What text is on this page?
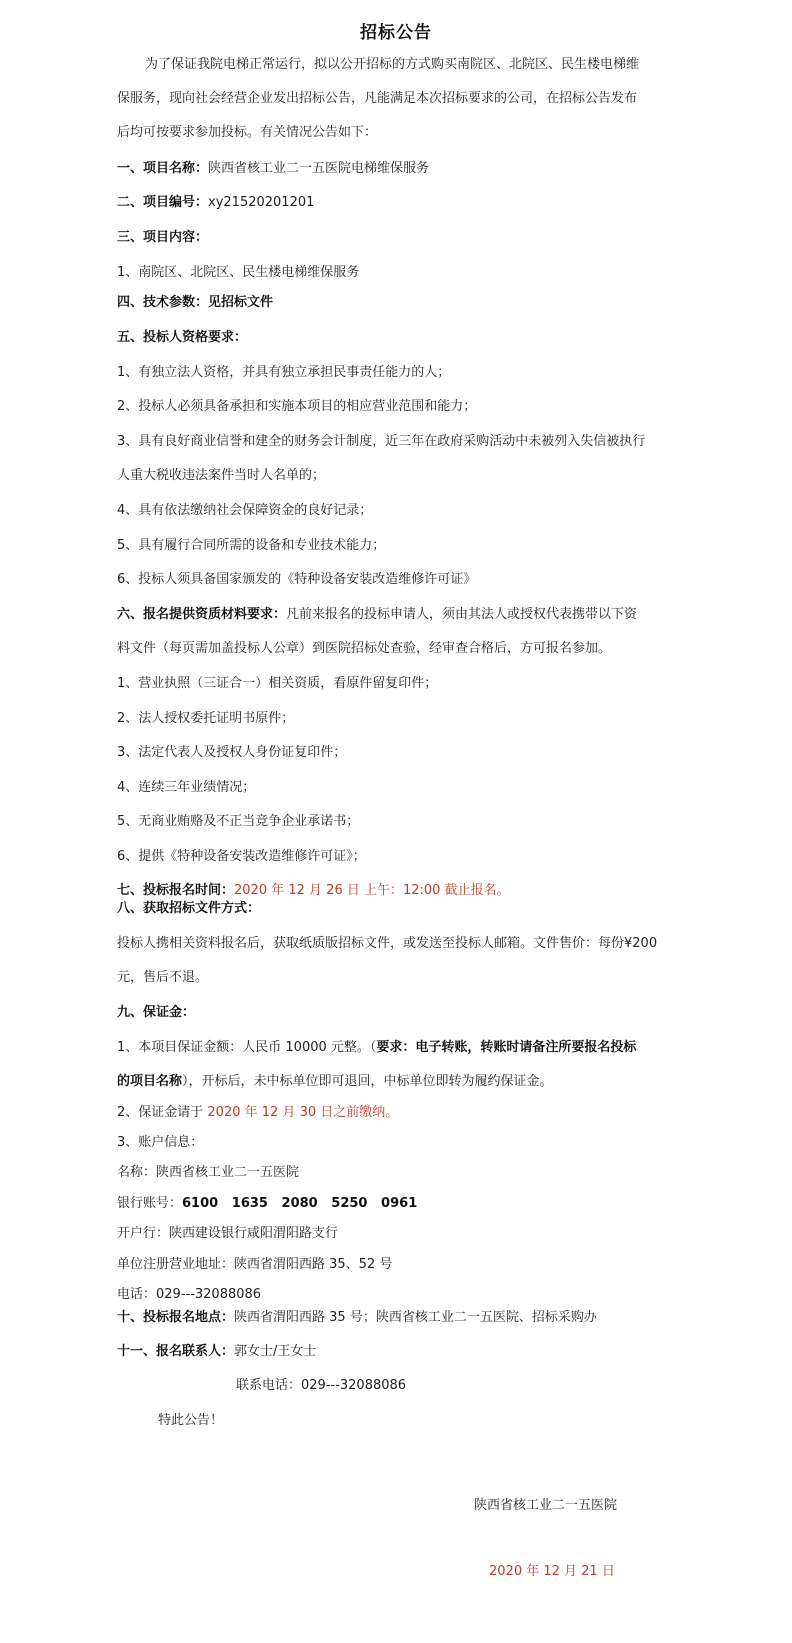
招标公告
为了保证我院电梯正常运行，拟以公开招标的方式购买南院区、北院区、民生楼电梯维
保服务，现向社会经营企业发出招标公告，凡能满足本次招标要求的公司，在招标公告发布
后均可按要求参加投标。有关情况公告如下：
一、项目名称：陕西省核工业二一五医院电梯维保服务
二、项目编号：xy21520201201
三、项目内容：
1、南院区、北院区、民生楼电梯维保服务
四、技术参数：见招标文件
五、投标人资格要求：
1、有独立法人资格，并具有独立承担民事责任能力的人；
2、投标人必须具备承担和实施本项目的相应营业范围和能力；
3、具有良好商业信誉和建全的财务会计制度，近三年在政府采购活动中未被列入失信被执行
人重大税收违法案件当时人名单的；
4、具有依法缴纳社会保障资金的良好记录；
5、具有履行合同所需的设备和专业技术能力；
6、投标人须具备国家颁发的《特种设备安装改造维修许可证》
六、报名提供资质材料要求：凡前来报名的投标申请人，须由其法人或授权代表携带以下资
料文件（每页需加盖投标人公章）到医院招标处查验，经审查合格后，方可报名参加。
1、营业执照（三证合一）相关资质，看原件留复印件；
2、法人授权委托证明书原件；
3、法定代表人及授权人身份证复印件；
4、连续三年业绩情况；
5、无商业贿赂及不正当竞争企业承诺书；
6、提供《特种设备安装改造维修许可证》；
七、投标报名时间：2020 年 12 月 26 日 上午：12:00 截止报名。
八、获取招标文件方式：
投标人携相关资料报名后，获取纸质版招标文件，或发送至投标人邮箱。文件售价：每份¥200
元，售后不退。
九、保证金：
1、本项目保证金额：人民币 10000 元整。（要求：电子转账，转账时请备注所要报名投标
的项目名称），开标后，未中标单位即可退回，中标单位即转为履约保证金。
2、保证金请于 2020 年 12 月 30 日之前缴纳。
3、账户信息：
名称：陕西省核工业二一五医院
银行账号：6100   1635   2080   5250   0961
开户行：陕西建设银行咸阳渭阳路支行
单位注册营业地址：陕西省渭阳西路 35、52 号
电话：029---32088086
十、投标报名地点：陕西省渭阳西路 35 号；陕西省核工业二一五医院、招标采购办
十一、报名联系人：郭女士/王女士
联系电话：029---32088086
特此公告！
陕西省核工业二一五医院
2020 年 12 月 21 日
